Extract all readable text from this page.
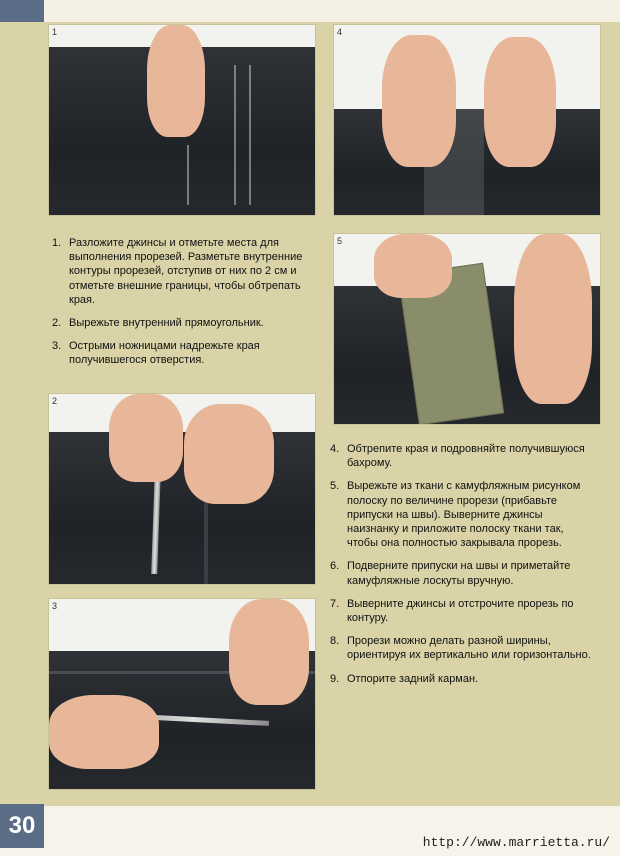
1	4
5
2
3
1. Разложите джинсы и отметьте места для выполнения прорезей. Разметьте внутренние контуры прорезей, отступив от них по 2 см и отметьте внешние границы, чтобы обтрепать края.
2. Вырежьте внутренний прямоугольник.
3. Острыми ножницами надрежьте края получившегося отверстия.
4. Обтрепите края и подровняйте получившуюся бахрому.
5. Вырежьте из ткани с камуфляжным рисунком полоску по величине прорези (прибавьте припуски на швы). Выверните джинсы наизнанку и приложите полоску ткани так, чтобы она полностью закрывала прорезь.
6. Подверните припуски на швы и приметайте камуфляжные лоскуты вручную.
7. Выверните джинсы и отстрочите прорезь по контуру.
8. Прорези можно делать разной ширины, ориентируя их вертикально или горизонтально.
9. Отпорите задний карман.
30
http://www.marrietta.ru/
